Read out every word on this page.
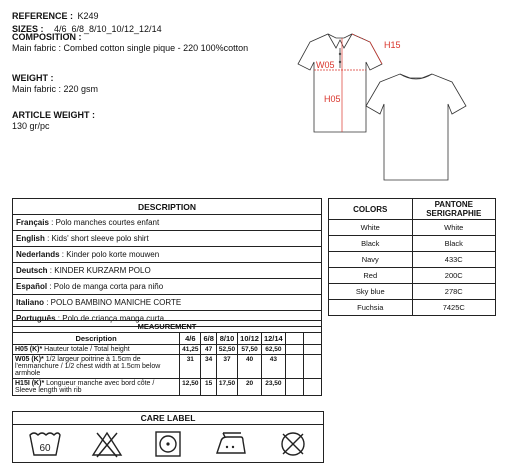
REFERENCE : K249
SIZES : 4/6_6/8_8/10_10/12_12/14
COMPOSITION :
Main fabric : Combed cotton single pique - 220 100%cotton
WEIGHT :
Main fabric : 220 gsm
ARTICLE WEIGHT :
130 gr/pc
H15
W05
H05
DESCRIPTION
Français : Polo manches courtes enfant
English : Kids' short sleeve polo shirt
Nederlands : Kinder polo korte mouwen
Deutsch : KINDER KURZARM POLO
Español : Polo de manga corta para niño
Italiano : POLO BAMBINO MANICHE CORTE
Português : Polo de criança manga curta
COLORS	PANTONE
SERIGRAPHIE
White	White
Black	Black
Navy	433C
Red	200C
Sky blue	278C
Fuchsia	7425C
MEASUREMENT							
Description	4/6	6/8	8/10	10/12	12/14		
H05 (K)* Hauteur totale / Total height	41,25	47	52,50	57,50	62,50		
W05 (K)* 1/2 largeur poitrine à 1.5cm de l'emmanchure / 1/2 chest width at 1.5cm below armhole	31	34	37	40	43		
H15I (K)* Longueur manche avec bord côte / Sleeve length with rib	12,50	15	17,50	20	23,50		
CARE LABEL
60
